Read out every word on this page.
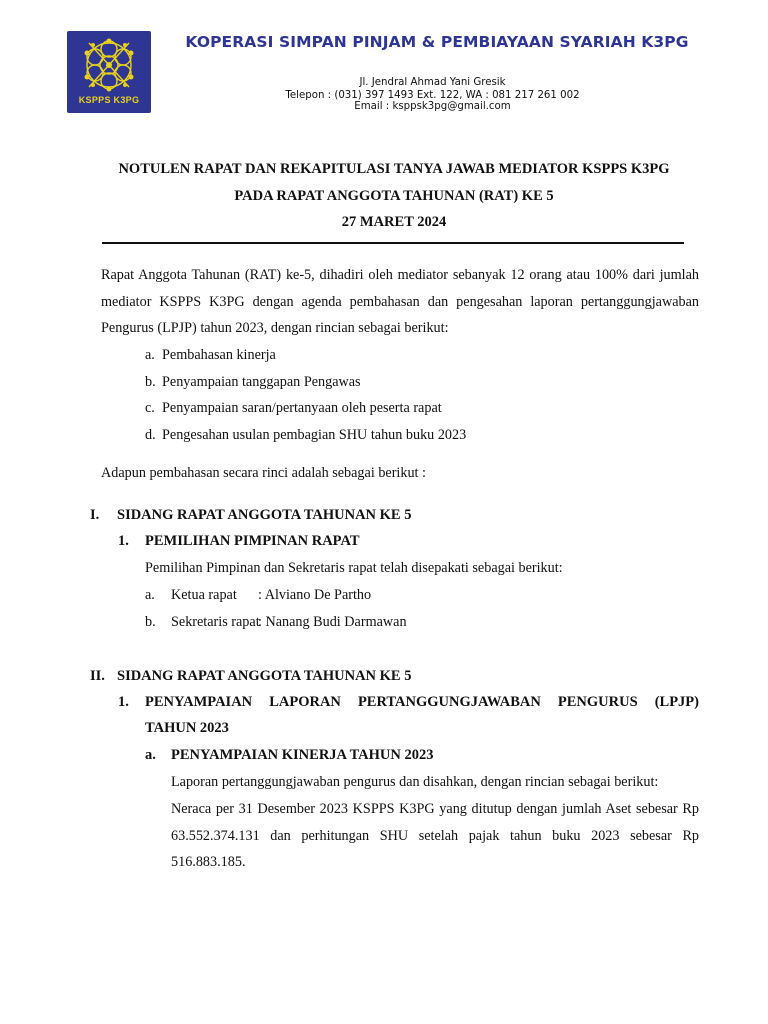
KSPPS K3PG
KOPERASI SIMPAN PINJAM & PEMBIAYAAN SYARIAH K3PG
Jl. Jendral Ahmad Yani Gresik
Telepon : (031) 397 1493 Ext. 122, WA : 081 217 261 002
Email : ksppsk3pg@gmail.com
NOTULEN RAPAT DAN REKAPITULASI TANYA JAWAB MEDIATOR KSPPS K3PG
PADA RAPAT ANGGOTA TAHUNAN (RAT) KE 5
27 MARET 2024
Rapat Anggota Tahunan (RAT) ke-5, dihadiri oleh mediator sebanyak 12 orang atau 100% dari jumlah mediator KSPPS K3PG dengan agenda pembahasan dan pengesahan laporan pertanggungjawaban Pengurus (LPJP) tahun 2023, dengan rincian sebagai berikut:
a. Pembahasan kinerja
b. Penyampaian tanggapan Pengawas
c. Penyampaian saran/pertanyaan oleh peserta rapat
d. Pengesahan usulan pembagian SHU tahun buku 2023
Adapun pembahasan secara rinci adalah sebagai berikut :
I. SIDANG RAPAT ANGGOTA TAHUNAN KE 5
1. PEMILIHAN PIMPINAN RAPAT
Pemilihan Pimpinan dan Sekretaris rapat telah disepakati sebagai berikut:
a. Ketua rapat : Alviano De Partho
b. Sekretaris rapat: Nanang Budi Darmawan
II. SIDANG RAPAT ANGGOTA TAHUNAN KE 5
1. PENYAMPAIAN LAPORAN PERTANGGUNGJAWABAN PENGURUS (LPJP) TAHUN 2023
a. PENYAMPAIAN KINERJA TAHUN 2023
Laporan pertanggungjawaban pengurus dan disahkan, dengan rincian sebagai berikut:
Neraca per 31 Desember 2023 KSPPS K3PG yang ditutup dengan jumlah Aset sebesar Rp 63.552.374.131 dan perhitungan SHU setelah pajak tahun buku 2023 sebesar Rp 516.883.185.
